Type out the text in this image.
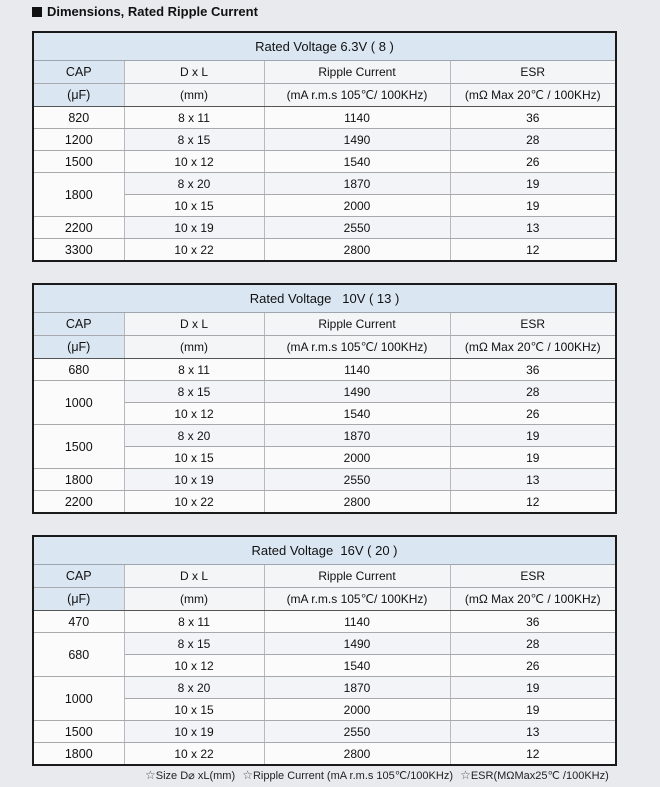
Dimensions, Rated Ripple Current
Rated Voltage 6.3V ( 8 )			
CAP	D x L	Ripple Current	ESR
(μF)	(mm)	(mA r.m.s 105℃/ 100KHz)	(mΩ Max 20℃ / 100KHz)
820	8 x 11	1140	36
1200	8 x 15	1490	28
1500	10 x 12	1540	26
1800	8 x 20	1870	19
	10 x 15	2000	19
2200	10 x 19	2550	13
3300	10 x 22	2800	12
Rated Voltage   10V ( 13 )			
CAP	D x L	Ripple Current	ESR
(μF)	(mm)	(mA r.m.s 105℃/ 100KHz)	(mΩ Max 20℃ / 100KHz)
680	8 x 11	1140	36
1000	8 x 15	1490	28
	10 x 12	1540	26
1500	8 x 20	1870	19
	10 x 15	2000	19
1800	10 x 19	2550	13
2200	10 x 22	2800	12
Rated Voltage  16V ( 20 )			
CAP	D x L	Ripple Current	ESR
(μF)	(mm)	(mA r.m.s 105℃/ 100KHz)	(mΩ Max 20℃ / 100KHz)
470	8 x 11	1140	36
680	8 x 15	1490	28
	10 x 12	1540	26
1000	8 x 20	1870	19
	10 x 15	2000	19
1500	10 x 19	2550	13
1800	10 x 22	2800	12
☆Size D⌀ xL(mm) ☆Ripple Current (mA r.m.s 105℃/100KHz) ☆ESR(MΩMax25℃ /100KHz)
